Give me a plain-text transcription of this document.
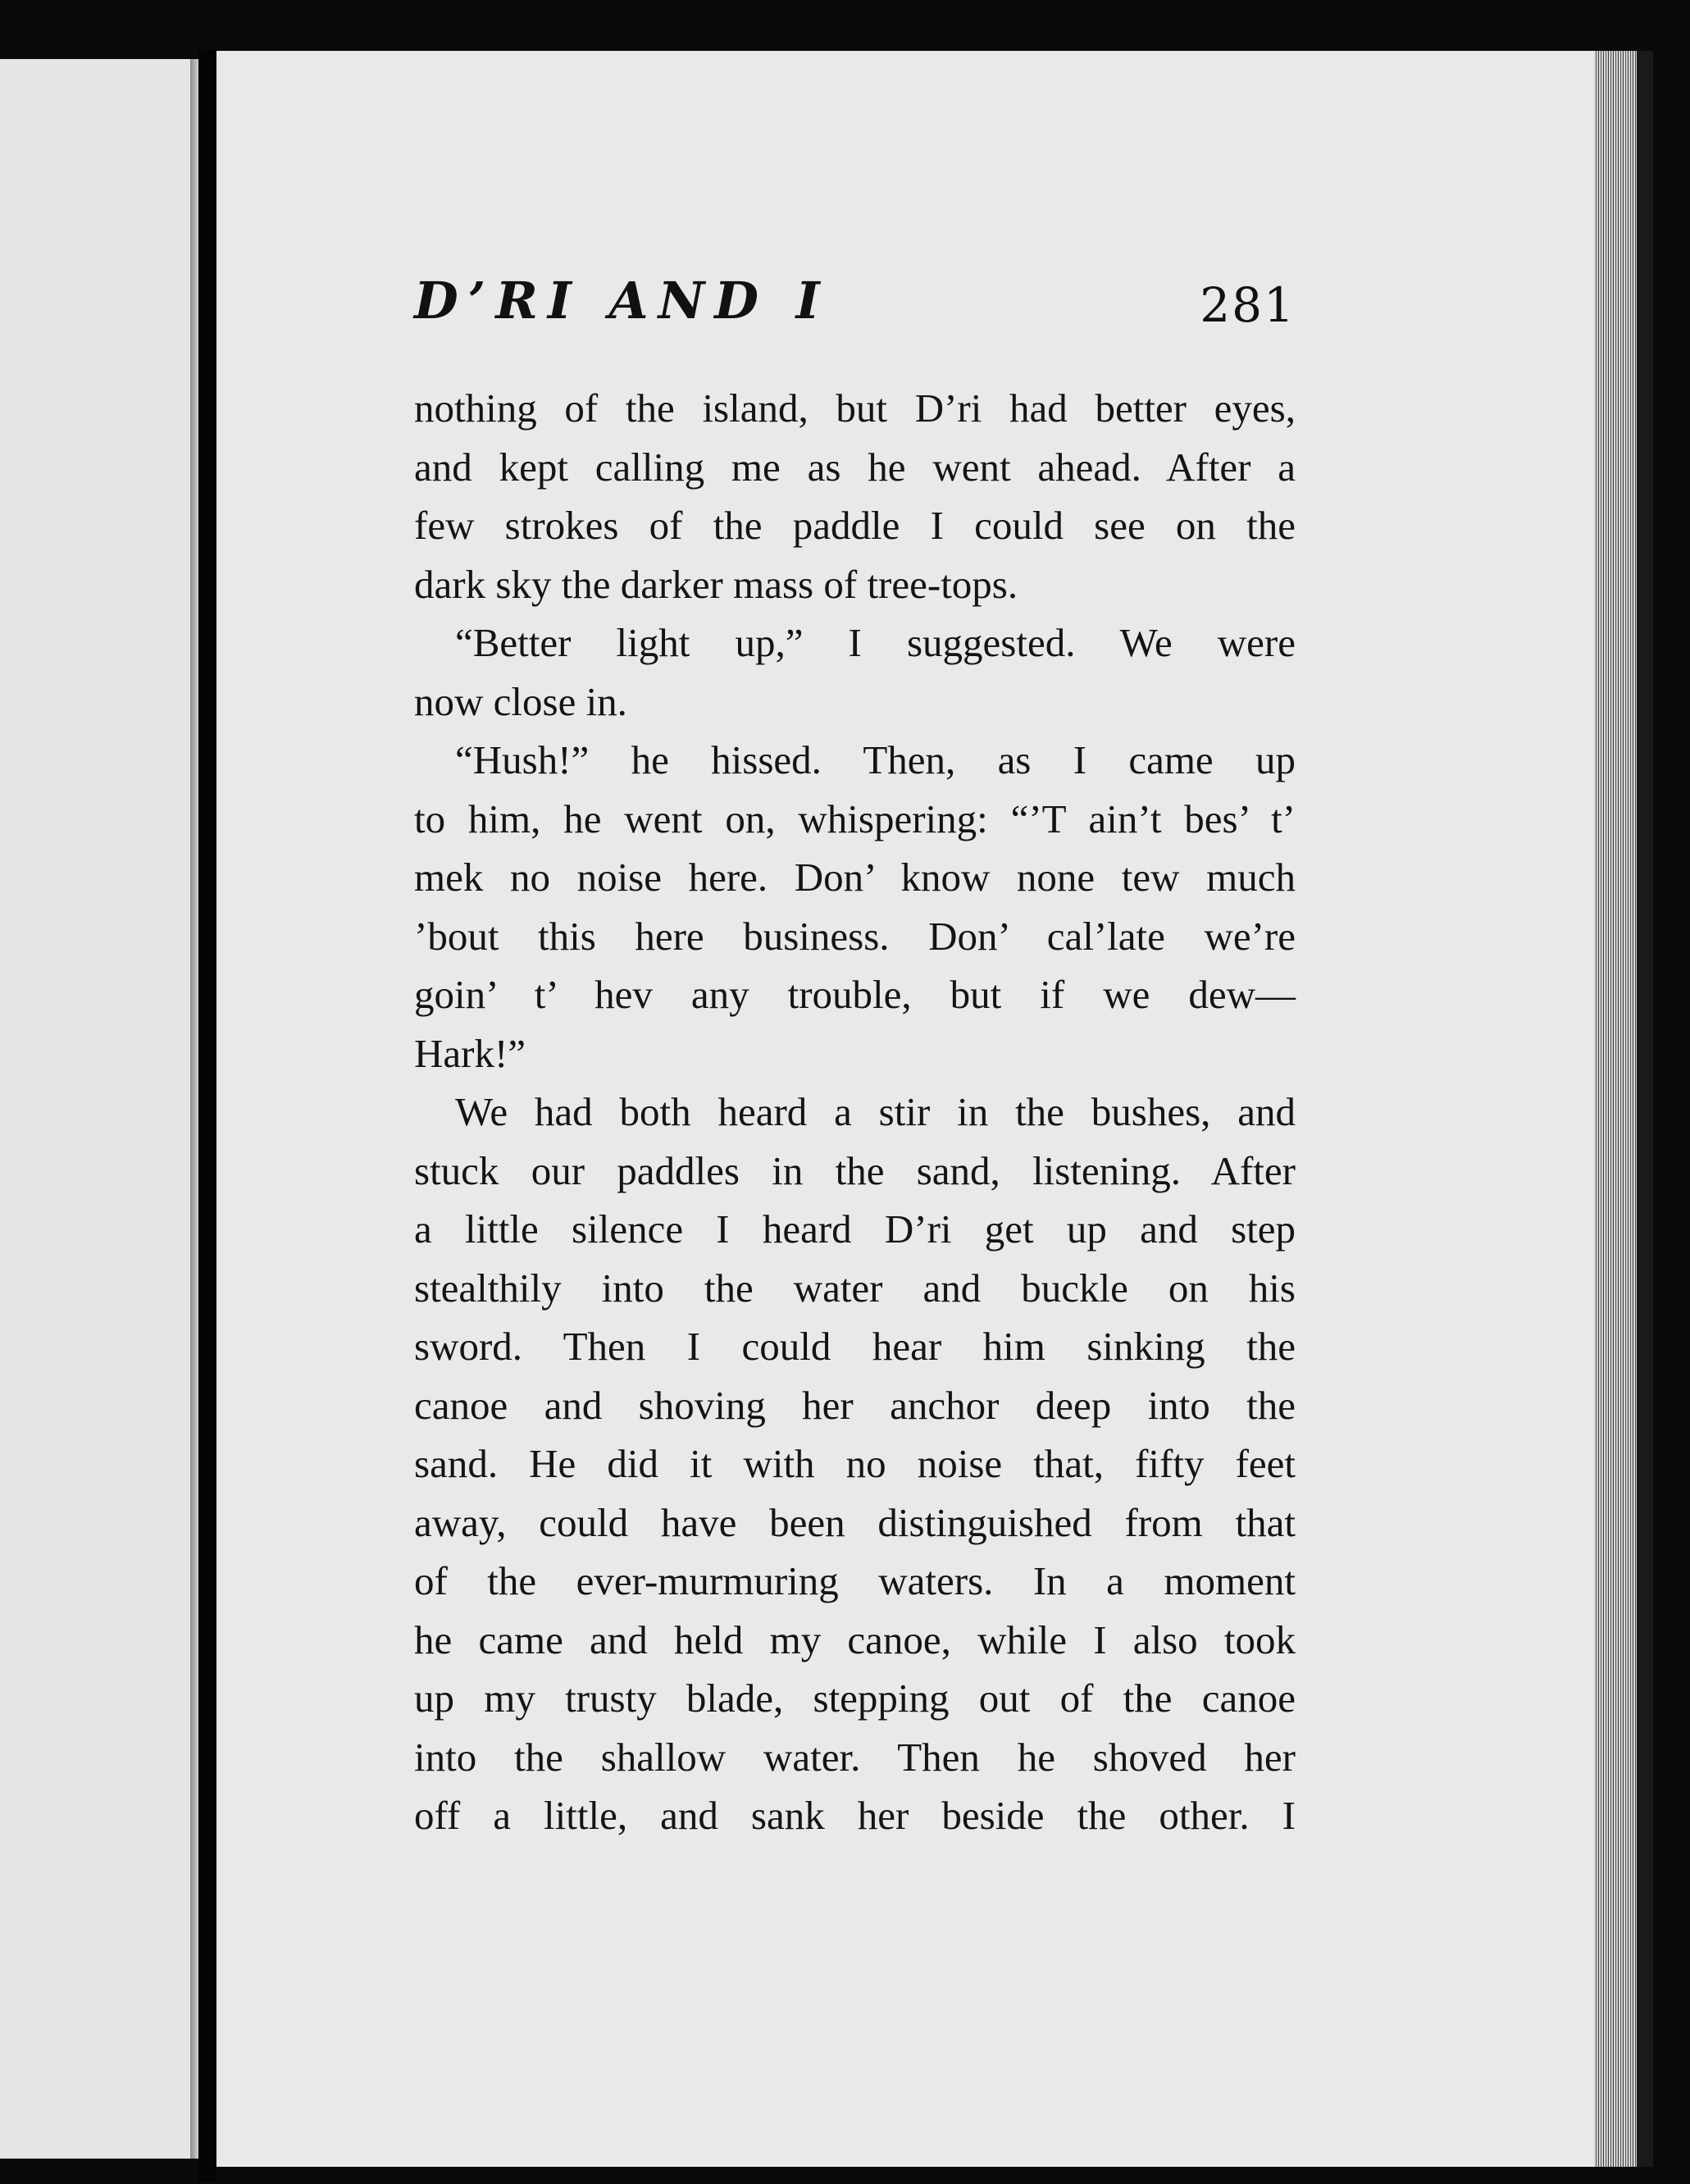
D’RI AND I	281
nothing of the island, but D’ri had better eyes,
and kept calling me as he went ahead. After a
few strokes of the paddle I could see on the
dark sky the darker mass of tree-tops.
“Better light up,” I suggested. We were
now close in.
“Hush!” he hissed. Then, as I came up
to him, he went on, whispering: “’T ain’t bes’ t’
mek no noise here. Don’ know none tew much
’bout this here business. Don’ cal’late we’re
goin’ t’ hev any trouble, but if we dew—
Hark!”
We had both heard a stir in the bushes, and
stuck our paddles in the sand, listening. After
a little silence I heard D’ri get up and step
stealthily into the water and buckle on his
sword. Then I could hear him sinking the
canoe and shoving her anchor deep into the
sand. He did it with no noise that, fifty feet
away, could have been distinguished from that
of the ever-murmuring waters. In a moment
he came and held my canoe, while I also took
up my trusty blade, stepping out of the canoe
into the shallow water. Then he shoved her
off a little, and sank her beside the other. I
